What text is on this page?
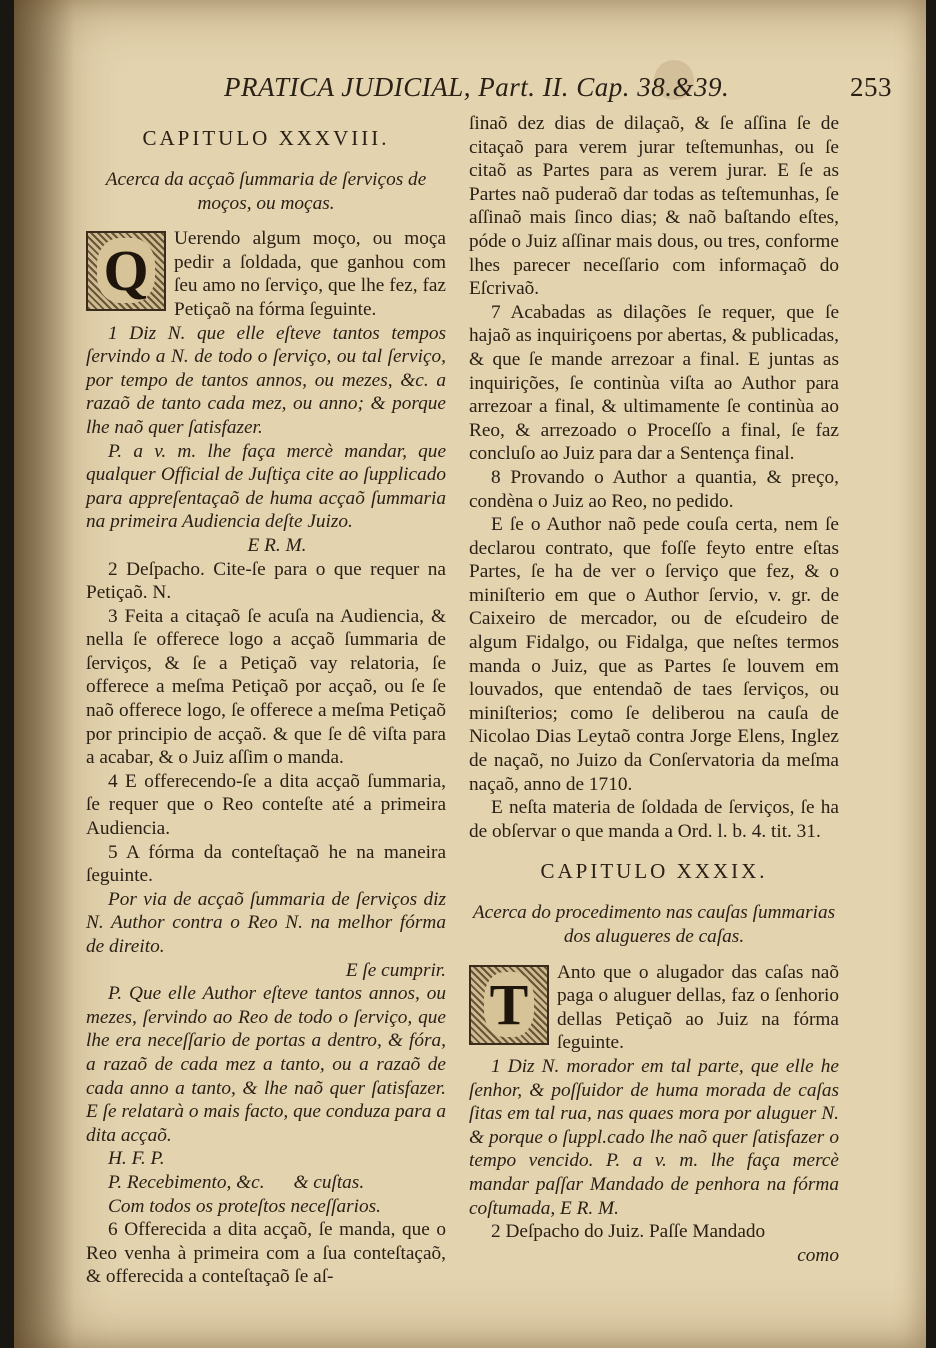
PRATICA JUDICIAL, Part. II. Cap. 38.&39.	253
CAPITULO XXXVIII.
Acerca da acçaõ ſummaria de ſerviços de moços, ou moças.
Q	Uerendo algum moço, ou moça pedir a ſoldada, que ganhou com ſeu amo no ſerviço, que lhe fez, faz Petiçaõ na fórma ſeguinte.

1 Diz N. que elle eſteve tantos tempos ſervindo a N. de todo o ſerviço, ou tal ſerviço, por tempo de tantos annos, ou mezes, &c. a razaõ de tanto cada mez, ou anno; & porque lhe naõ quer ſatisfazer.

P. a v. m. lhe faça mercè mandar, que qualquer Official de Juſtiça cite ao ſupplicado para appreſentaçaõ de huma acçaõ ſummaria na primeira Audiencia deſte Juizo.

E R. M.

2 Deſpacho. Cite-ſe para o que requer na Petiçaõ. N.

3 Feita a citaçaõ ſe acuſa na Audiencia, & nella ſe offerece logo a acçaõ ſummaria de ſerviços, & ſe a Petiçaõ vay relatoria, ſe offerece a meſma Petiçaõ por acçaõ, ou ſe ſe naõ offerece logo, ſe offerece a meſma Petiçaõ por principio de acçaõ. & que ſe dê viſta para a acabar, & o Juiz aſſim o manda.

4 E offerecendo-ſe a dita acçaõ ſummaria, ſe requer que o Reo conteſte até a primeira Audiencia.

5 A fórma da conteſtaçaõ he na maneira ſeguinte.

Por via de acçaõ ſummaria de ſerviços diz N. Author contra o Reo N. na melhor fórma de direito.

E ſe cumprir.

P. Que elle Author eſteve tantos annos, ou mezes, ſervindo ao Reo de todo o ſerviço, que lhe era neceſſario de portas a dentro, & fóra, a razaõ de cada mez a tanto, ou a razaõ de cada anno a tanto, & lhe naõ quer ſatisfazer. E ſe relatarà o mais facto, que conduza para a dita acçaõ.

H. F. P.

P. Recebimento, &c.      & cuſtas.

Com todos os proteſtos neceſſarios.

6 Offerecida a dita acçaõ, ſe manda, que o Reo venha à primeira com a ſua conteſtaçaõ, & offerecida a conteſtaçaõ ſe aſ-

ſinaõ dez dias de dilaçaõ, & ſe aſſina ſe de citaçaõ para verem jurar teſtemunhas, ou ſe citaõ as Partes para as verem jurar. E ſe as Partes naõ puderaõ dar todas as teſtemunhas, ſe aſſinaõ mais ſinco dias; & naõ baſtando eſtes, póde o Juiz aſſinar mais dous, ou tres, conforme lhes parecer neceſſario com informaçaõ do Eſcrivaõ.

7 Acabadas as dilações ſe requer, que ſe hajaõ as inquiriçoens por abertas, & publicadas, & que ſe mande arrezoar a final. E juntas as inquirições, ſe continùa viſta ao Author para arrezoar a final, & ultimamente ſe continùa ao Reo, & arrezoado o Proceſſo a final, ſe faz concluſo ao Juiz para dar a Sentença final.

8 Provando o Author a quantia, & preço, condèna o Juiz ao Reo, no pedido.

E ſe o Author naõ pede couſa certa, nem ſe declarou contrato, que foſſe feyto entre eſtas Partes, ſe ha de ver o ſerviço que fez, & o miniſterio em que o Author ſervio, v. gr. de Caixeiro de mercador, ou de eſcudeiro de algum Fidalgo, ou Fidalga, que neſtes termos manda o Juiz, que as Partes ſe louvem em louvados, que entendaõ de taes ſerviços, ou miniſterios; como ſe deliberou na cauſa de Nicolao Dias Leytaõ contra Jorge Elens, Inglez de naçaõ, no Juizo da Conſervatoria da meſma naçaõ, anno de 1710.

E neſta materia de ſoldada de ſerviços, ſe ha de obſervar o que manda a Ord. l. b. 4. tit. 31.

CAPITULO XXXIX.
Acerca do procedimento nas cauſas ſummarias dos alugueres de caſas.
T	Anto que o alugador das caſas naõ paga o aluguer dellas, faz o ſenhorio dellas Petiçaõ ao Juiz na fórma ſeguinte.

1 Diz N. morador em tal parte, que elle he ſenhor, & poſſuidor de huma morada de caſas ſitas em tal rua, nas quaes mora por aluguer N. & porque o ſuppl.cado lhe naõ quer ſatisfazer o tempo vencido. P. a v. m. lhe faça mercè mandar paſſar Mandado de penhora na fórma coſtumada, E R. M.

2 Deſpacho do Juiz. Paſſe Mandado

como
